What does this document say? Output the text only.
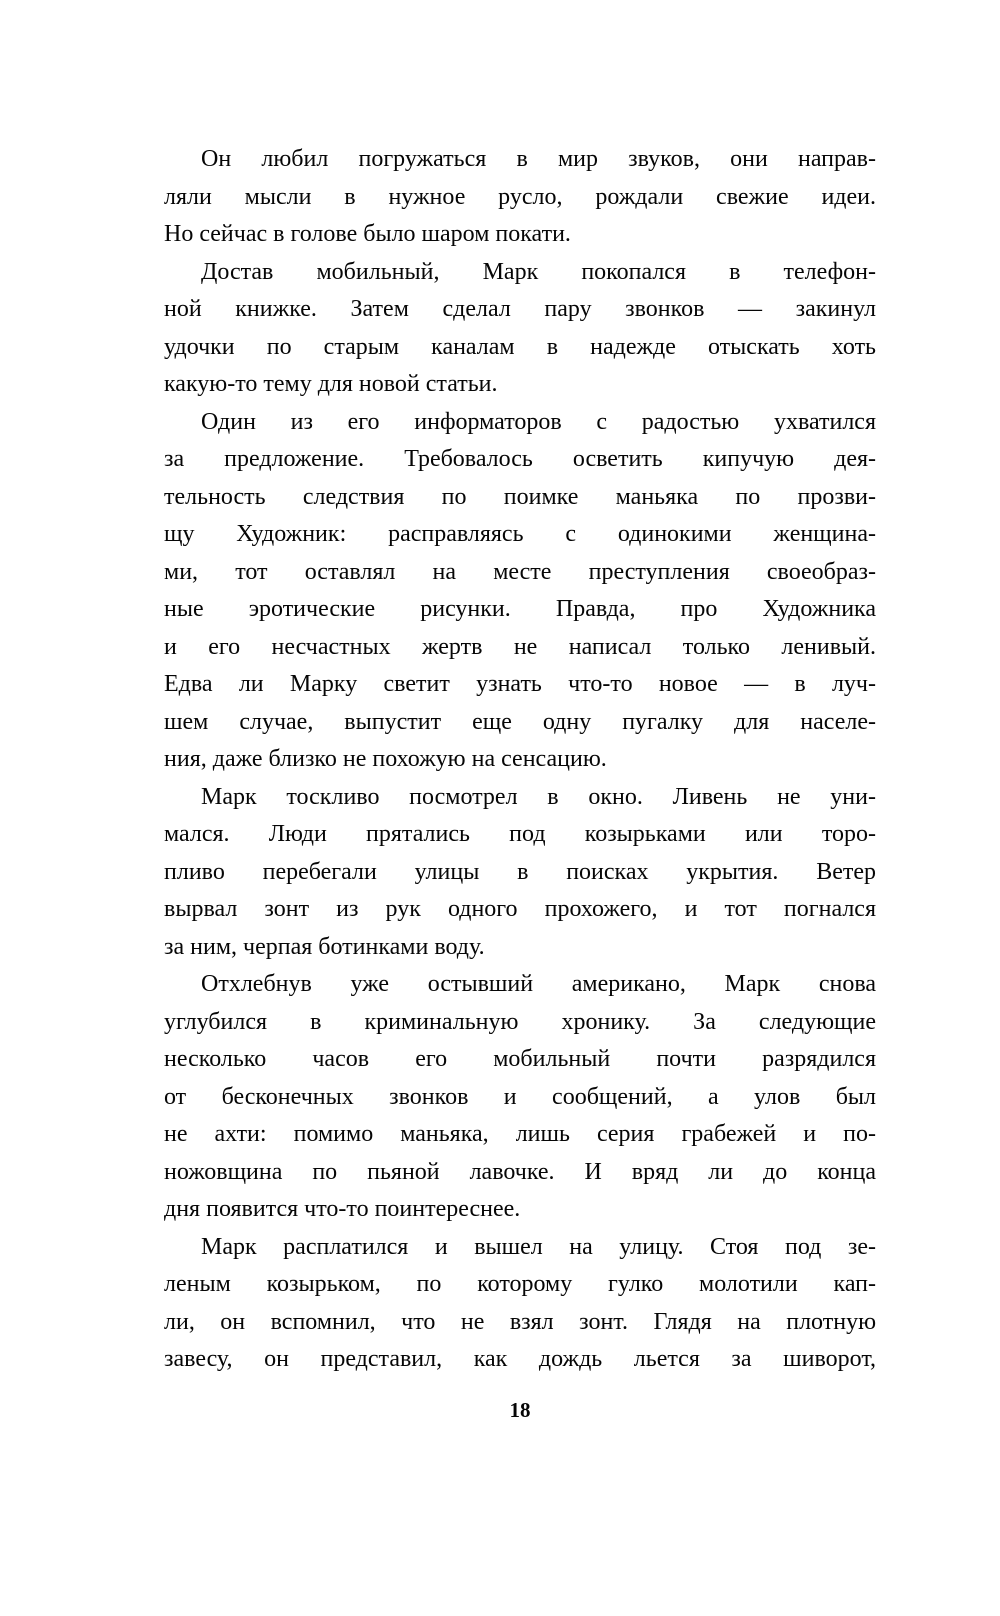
Он любил погружаться в мир звуков, они направ-
ляли мысли в нужное русло, рождали свежие идеи.
Но сейчас в голове было шаром покати.
Достав мобильный, Марк покопался в телефон-
ной книжке. Затем сделал пару звонков — закинул
удочки по старым каналам в надежде отыскать хоть
какую-то тему для новой статьи.
Один из его информаторов с радостью ухватился
за предложение. Требовалось осветить кипучую дея-
тельность следствия по поимке маньяка по прозви-
щу Художник: расправляясь с одинокими женщина-
ми, тот оставлял на месте преступления своеобраз-
ные эротические рисунки. Правда, про Художника
и его несчастных жертв не написал только ленивый.
Едва ли Марку светит узнать что-то новое — в луч-
шем случае, выпустит еще одну пугалку для населе-
ния, даже близко не похожую на сенсацию.
Марк тоскливо посмотрел в окно. Ливень не уни-
мался. Люди прятались под козырьками или торо-
пливо перебегали улицы в поисках укрытия. Ветер
вырвал зонт из рук одного прохожего, и тот погнался
за ним, черпая ботинками воду.
Отхлебнув уже остывший американо, Марк снова
углубился в криминальную хронику. За следующие
несколько часов его мобильный почти разрядился
от бесконечных звонков и сообщений, а улов был
не ахти: помимо маньяка, лишь серия грабежей и по-
ножовщина по пьяной лавочке. И вряд ли до конца
дня появится что-то поинтереснее.
Марк расплатился и вышел на улицу. Стоя под зе-
леным козырьком, по которому гулко молотили кап-
ли, он вспомнил, что не взял зонт. Глядя на плотную
завесу, он представил, как дождь льется за шиворот,
18
